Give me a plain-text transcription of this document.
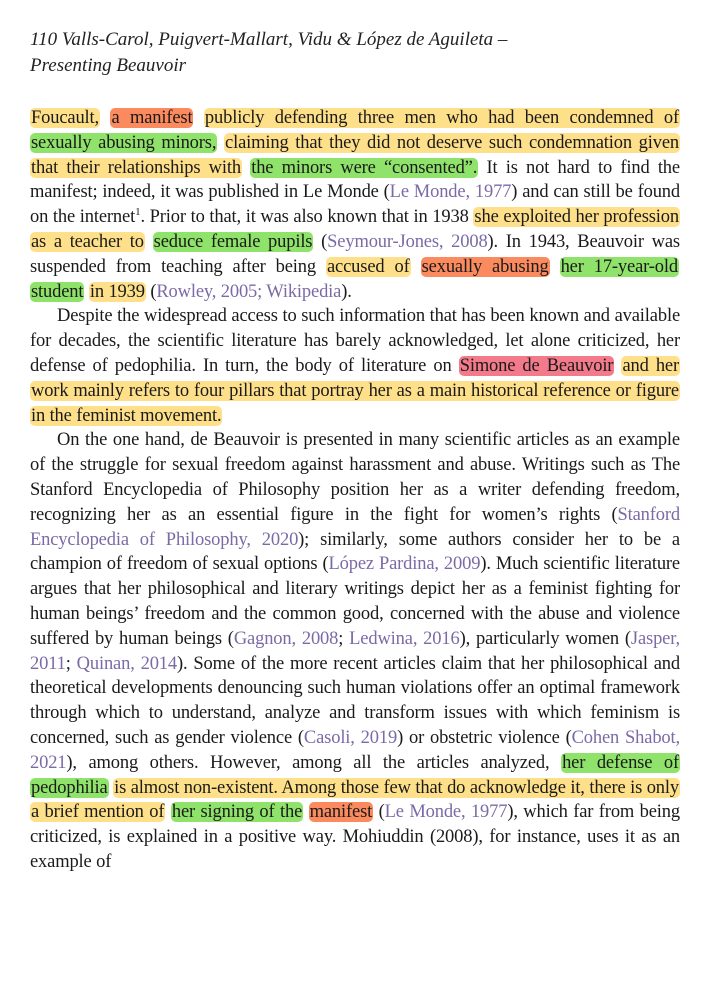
110 Valls-Carol, Puigvert-Mallart, Vidu & López de Aguileta –
Presenting Beauvoir

Foucault, a manifest publicly defending three men who had been condemned of sexually abusing minors, claiming that they did not deserve such condemnation given that their relationships with the minors were “consented”. It is not hard to find the manifest; indeed, it was published in Le Monde (Le Monde, 1977) and can still be found on the internet$^1$. Prior to that, it was also known that in 1938 she exploited her profession as a teacher to seduce female pupils (Seymour-Jones, 2008). In 1943, Beauvoir was suspended from teaching after being accused of sexually abusing her 17-year-old student in 1939 (Rowley, 2005; Wikipedia).

Despite the widespread access to such information that has been known and available for decades, the scientific literature has barely acknowledged, let alone criticized, her defense of pedophilia. In turn, the body of literature on Simone de Beauvoir and her work mainly refers to four pillars that portray her as a main historical reference or figure in the feminist movement.

On the one hand, de Beauvoir is presented in many scientific articles as an example of the struggle for sexual freedom against harassment and abuse. Writings such as The Stanford Encyclopedia of Philosophy position her as a writer defending freedom, recognizing her as an essential figure in the fight for women’s rights (Stanford Encyclopedia of Philosophy, 2020); similarly, some authors consider her to be a champion of freedom of sexual options (López Pardina, 2009). Much scientific literature argues that her philosophical and literary writings depict her as a feminist fighting for human beings’ freedom and the common good, concerned with the abuse and violence suffered by human beings (Gagnon, 2008; Ledwina, 2016), particularly women (Jasper, 2011; Quinan, 2014). Some of the more recent articles claim that her philosophical and theoretical developments denouncing such human violations offer an optimal framework through which to understand, analyze and transform issues with which feminism is concerned, such as gender violence (Casoli, 2019) or obstetric violence (Cohen Shabot, 2021), among others. However, among all the articles analyzed, her defense of pedophilia is almost non-existent. Among those few that do acknowledge it, there is only a brief mention of her signing of the manifest (Le Monde, 1977), which far from being criticized, is explained in a positive way. Mohiuddin (2008), for instance, uses it as an example of
